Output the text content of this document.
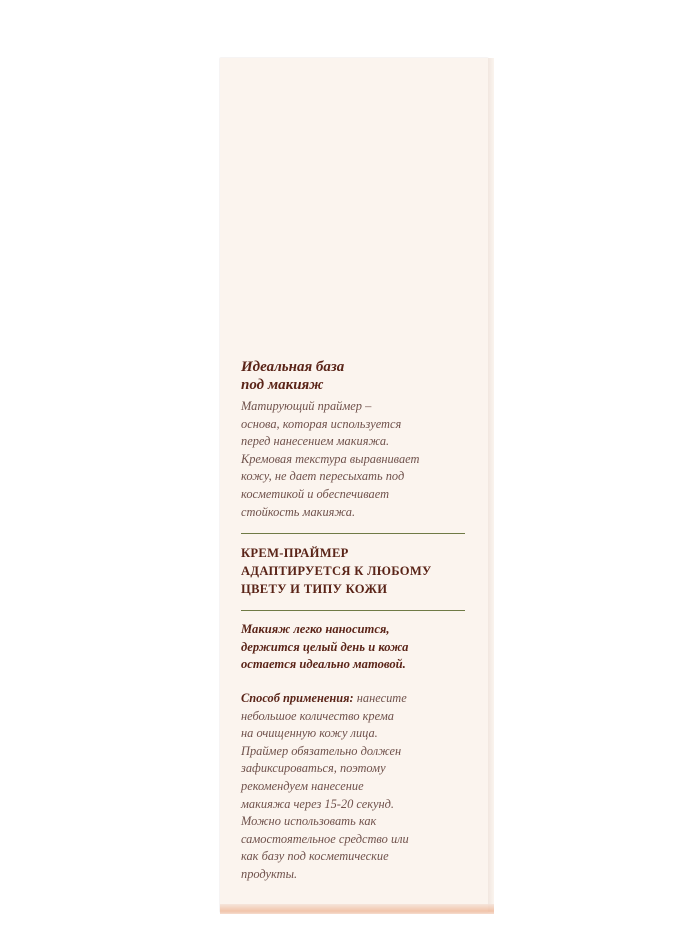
Идеальная база
под макияж

Матирующий праймер –
основа, которая используется
перед нанесением макияжа.
Кремовая текстура выравнивает
кожу, не дает пересыхать под
косметикой и обеспечивает
стойкость макияжа.

КРЕМ-ПРАЙМЕР
АДАПТИРУЕТСЯ К ЛЮБОМУ
ЦВЕТУ И ТИПУ КОЖИ

Макияж легко наносится,
держится целый день и кожа
остается идеально матовой.

Способ применения: нанесите
небольшое количество крема
на очищенную кожу лица.
Праймер обязательно должен
зафиксироваться, поэтому
рекомендуем нанесение
макияжа через 15-20 секунд.
Можно использовать как
самостоятельное средство или
как базу под косметические
продукты.
